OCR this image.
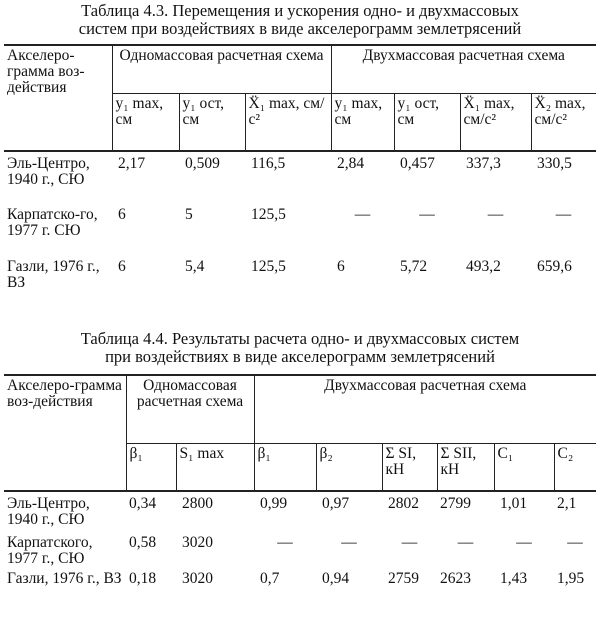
Таблица 4.3. Перемещения и ускорения одно- и двухмассовых
систем при воздействиях в виде акселерограмм землетрясений
Акселеро-грамма воз-действия	Одномассовая расчетная схема			Двухмассовая расчетная схема			
	y₁ max, см	y₁ ост, см	Ẍ₁ max, см/с²	y₁ max, см	y₁ ост, см	Ẍ₁ max, см/с²	Ẍ₂ max, см/с²
Эль-Центро, 1940 г., СЮ	2,17	0,509	116,5	2,84	0,457	337,3	330,5
Карпатско-го, 1977 г. СЮ	6	5	125,5	—	—	—	—
Газли, 1976 г., ВЗ	6	5,4	125,5	6	5,72	493,2	659,6
Таблица 4.4. Результаты расчета одно- и двухмассовых систем
при воздействиях в виде акселерограмм землетрясений
Акселеро-грамма воз-действия	Одномассовая расчетная схема		Двухмассовая расчетная схема					
	β₁	S₁ max	β₁	β₂	Σ SI, кН	Σ SII, кН	C₁	C₂
Эль-Центро, 1940 г., СЮ	0,34	2800	0,99	0,97	2802	2799	1,01	2,1
Карпатского, 1977 г., СЮ	0,58	3020	—	—	—	—	—	—
Газли, 1976 г., ВЗ	0,18	3020	0,7	0,94	2759	2623	1,43	1,95
